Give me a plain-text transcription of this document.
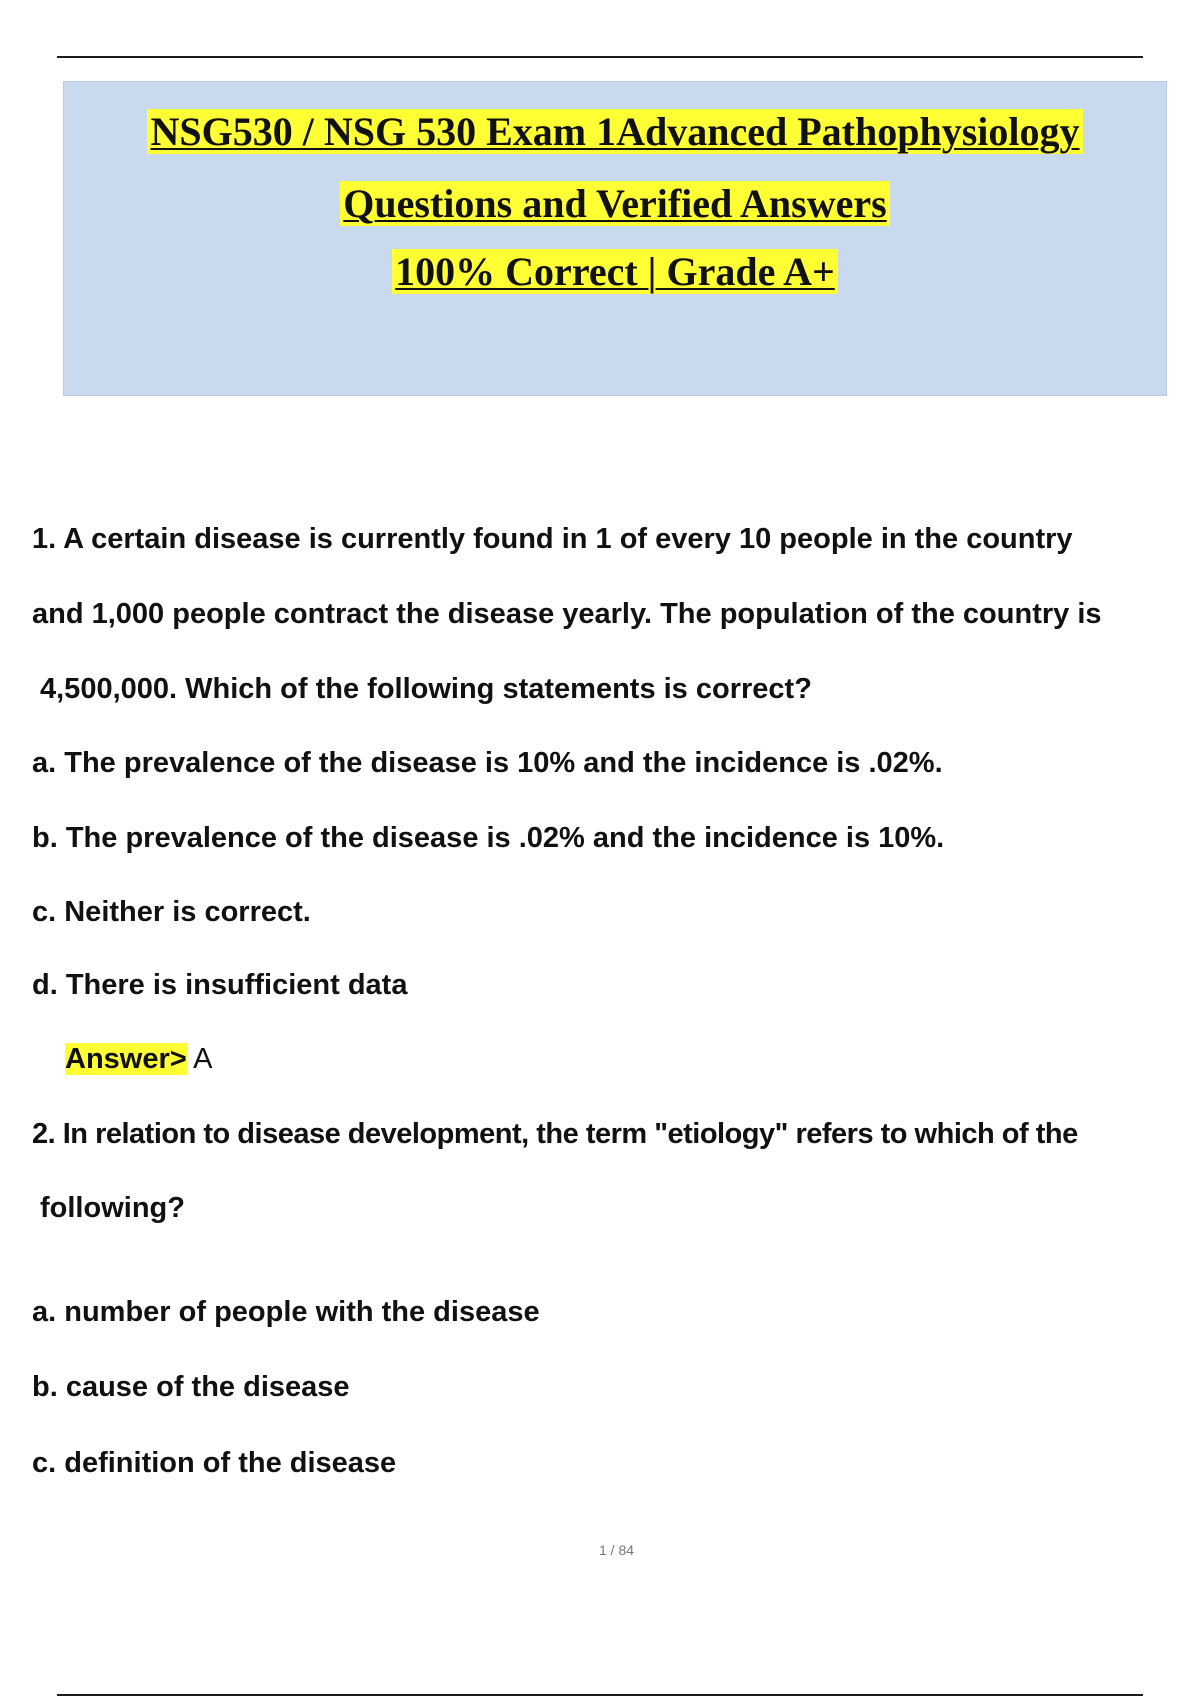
NSG530 / NSG 530 Exam 1Advanced Pathophysiology
Questions and Verified Answers
100% Correct | Grade A+
1. A certain disease is currently found in 1 of every 10 people in the country
and 1,000 people contract the disease yearly. The population of the country is
4,500,000. Which of the following statements is correct?
a. The prevalence of the disease is 10% and the incidence is .02%.
b. The prevalence of the disease is .02% and the incidence is 10%.
c. Neither is correct.
d. There is insufficient data
Answer> A
2. In relation to disease development, the term "etiology" refers to which of the
following?
a. number of people with the disease
b. cause of the disease
c. definition of the disease
1 / 84
